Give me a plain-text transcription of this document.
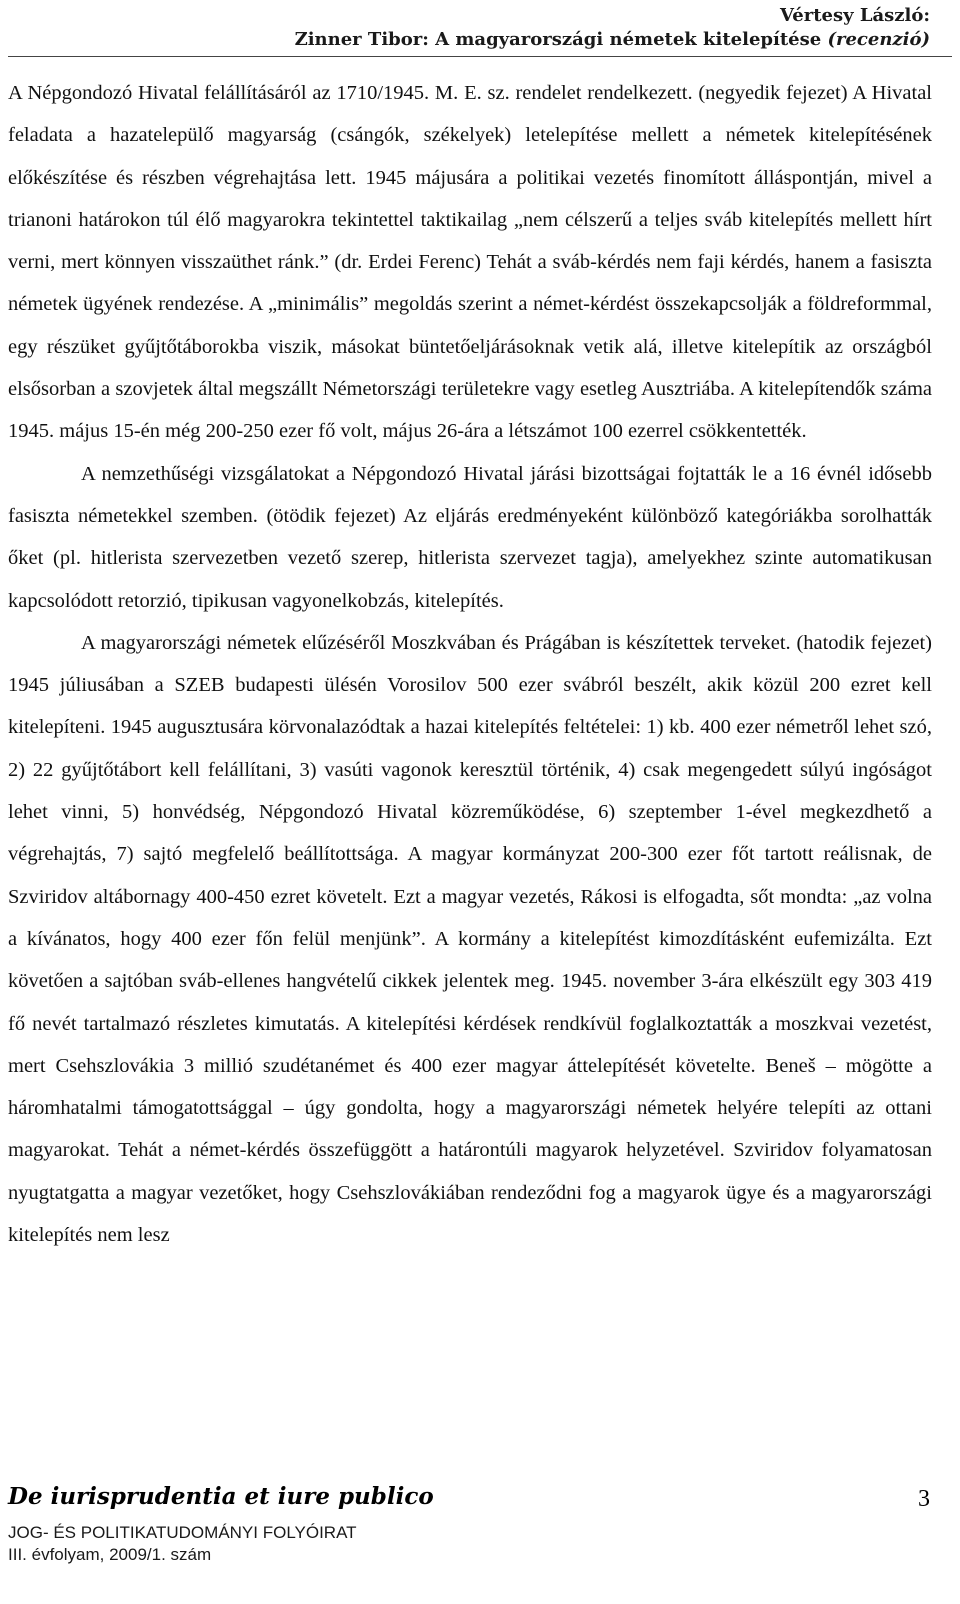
Vértesy László:
Zinner Tibor: A magyarországi németek kitelepítése (recenzió)

A Népgondozó Hivatal felállításáról az 1710/1945. M. E. sz. rendelet rendelkezett. (negyedik fejezet) A Hivatal feladata a hazatelepülő magyarság (csángók, székelyek) letelepítése mellett a németek kitelepítésének előkészítése és részben végrehajtása lett. 1945 májusára a politikai vezetés finomított álláspontján, mivel a trianoni határokon túl élő magyarokra tekintettel taktikailag „nem célszerű a teljes sváb kitelepítés mellett hírt verni, mert könnyen visszaüthet ránk.” (dr. Erdei Ferenc) Tehát a sváb-kérdés nem faji kérdés, hanem a fasiszta németek ügyének rendezése. A „minimális” megoldás szerint a német-kérdést összekapcsolják a földreformmal, egy részüket gyűjtőtáborokba viszik, másokat büntetőeljárásoknak vetik alá, illetve kitelepítik az országból elsősorban a szovjetek által megszállt Németországi területekre vagy esetleg Ausztriába. A kitelepítendők száma 1945. május 15-én még 200-250 ezer fő volt, május 26-ára a létszámot 100 ezerrel csökkentették.

A nemzethűségi vizsgálatokat a Népgondozó Hivatal járási bizottságai fojtatták le a 16 évnél idősebb fasiszta németekkel szemben. (ötödik fejezet) Az eljárás eredményeként különböző kategóriákba sorolhatták őket (pl. hitlerista szervezetben vezető szerep, hitlerista szervezet tagja), amelyekhez szinte automatikusan kapcsolódott retorzió, tipikusan vagyonelkobzás, kitelepítés.

A magyarországi németek elűzéséről Moszkvában és Prágában is készítettek terveket. (hatodik fejezet) 1945 júliusában a SZEB budapesti ülésén Vorosilov 500 ezer svábról beszélt, akik közül 200 ezret kell kitelepíteni. 1945 augusztusára körvonalazódtak a hazai kitelepítés feltételei: 1) kb. 400 ezer németről lehet szó, 2) 22 gyűjtőtábort kell felállítani, 3) vasúti vagonok keresztül történik, 4) csak megengedett súlyú ingóságot lehet vinni, 5) honvédség, Népgondozó Hivatal közreműködése, 6) szeptember 1-ével megkezdhető a végrehajtás, 7) sajtó megfelelő beállítottsága. A magyar kormányzat 200-300 ezer főt tartott reálisnak, de Szviridov altábornagy 400-450 ezret követelt. Ezt a magyar vezetés, Rákosi is elfogadta, sőt mondta: „az volna a kívánatos, hogy 400 ezer főn felül menjünk”. A kormány a kitelepítést kimozdításként eufemizálta. Ezt követően a sajtóban sváb-ellenes hangvételű cikkek jelentek meg. 1945. november 3-ára elkészült egy 303 419 fő nevét tartalmazó részletes kimutatás. A kitelepítési kérdések rendkívül foglalkoztatták a moszkvai vezetést, mert Csehszlovákia 3 millió szudétanémet és 400 ezer magyar áttelepítését követelte. Beneš – mögötte a háromhatalmi támogatottsággal – úgy gondolta, hogy a magyarországi németek helyére telepíti az ottani magyarokat. Tehát a német-kérdés összefüggött a határontúli magyarok helyzetével. Szviridov folyamatosan nyugtatgatta a magyar vezetőket, hogy Csehszlovákiában rendeződni fog a magyarok ügye és a magyarországi kitelepítés nem lesz

De iurisprudentia et iure publico
JOG- ÉS POLITIKATUDOMÁNYI FOLYÓIRAT
III. évfolyam, 2009/1. szám
3
